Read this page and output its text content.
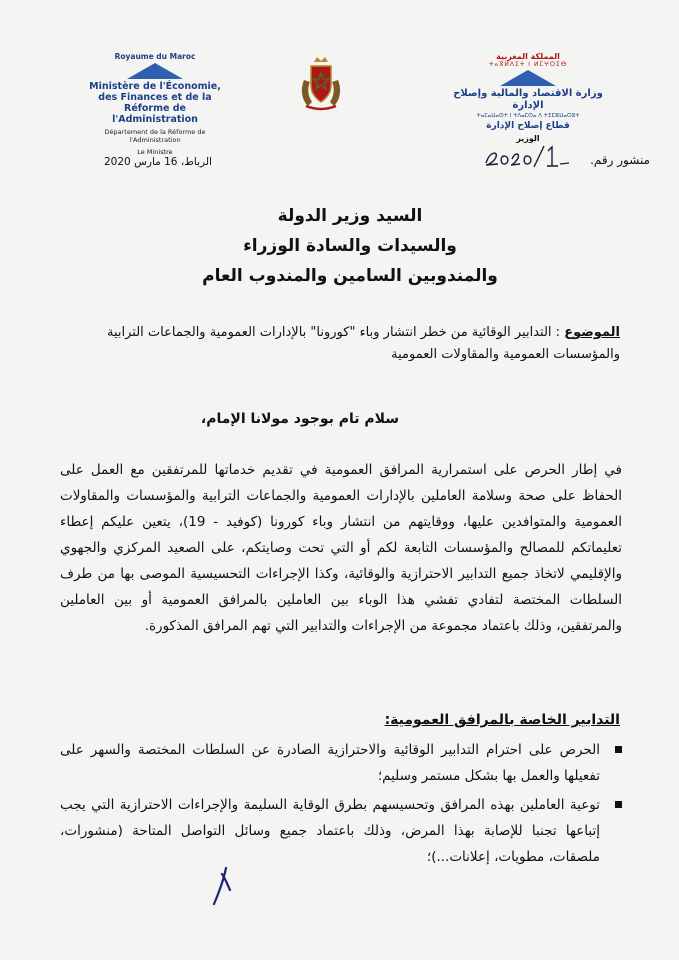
Royaume du Maroc
Ministère de l'Économie, des Finances et de la Réforme de l'Administration
Département de la Réforme de l'Administration
Le Ministre
المملكة المغربية
ⵜⴰⴳⵍⴷⵉⵜ ⵏ ⵍⵎⵖⵔⵉⴱ
وزارة الاقتصاد والمالية وإصلاح الإدارة
ⵜⴰⵎⴰⵡⴰⵙⵜ ⵏ ⵜⴷⴰⵎⵙⴰ ⴷ ⵜⵉⵎⵣⵡⴰⵔⵓⵜ
قطاع إصلاح الإدارة
الوزير
الرباط، 16 مارس 2020	منشور رقم.
السيد وزير الدولة
والسيدات والسادة الوزراء
والمندوبين السامين والمندوب العام
الموضوع : التدابير الوقائية من خطر انتشار وباء "كورونا" بالإدارات العمومية والجماعات الترابية والمؤسسات العمومية والمقاولات العمومية
سلام تام بوجود مولانا الإمام،
في إطار الحرص على استمرارية المرافق العمومية في تقديم خدماتها للمرتفقين مع العمل على الحفاظ على صحة وسلامة العاملين بالإدارات العمومية والجماعات الترابية والمؤسسات والمقاولات العمومية والمتوافدين عليها، ووقايتهم من انتشار وباء كورونا (كوفيد - 19)، يتعين عليكم إعطاء تعليماتكم للمصالح والمؤسسات التابعة لكم أو التي تحت وصايتكم، على الصعيد المركزي والجهوي والإقليمي لاتخاذ جميع التدابير الاحترازية والوقائية، وكذا الإجراءات التحسيسية الموصى بها من طرف السلطات المختصة لتفادي تفشي هذا الوباء بين العاملين بالمرافق العمومية أو بين العاملين والمرتفقين، وذلك باعتماد مجموعة من الإجراءات والتدابير التي تهم المرافق المذكورة.
التدابير الخاصة بالمرافق العمومية:
الحرص على احترام التدابير الوقائية والاحترازية الصادرة عن السلطات المختصة والسهر على تفعيلها والعمل بها بشكل مستمر وسليم؛
توعية العاملين بهذه المرافق وتحسيسهم بطرق الوقاية السليمة والإجراءات الاحترازية التي يجب إتباعها تجنبا للإصابة بهذا المرض، وذلك باعتماد جميع وسائل التواصل المتاحة (منشورات، ملصقات، مطويات، إعلانات...)؛
